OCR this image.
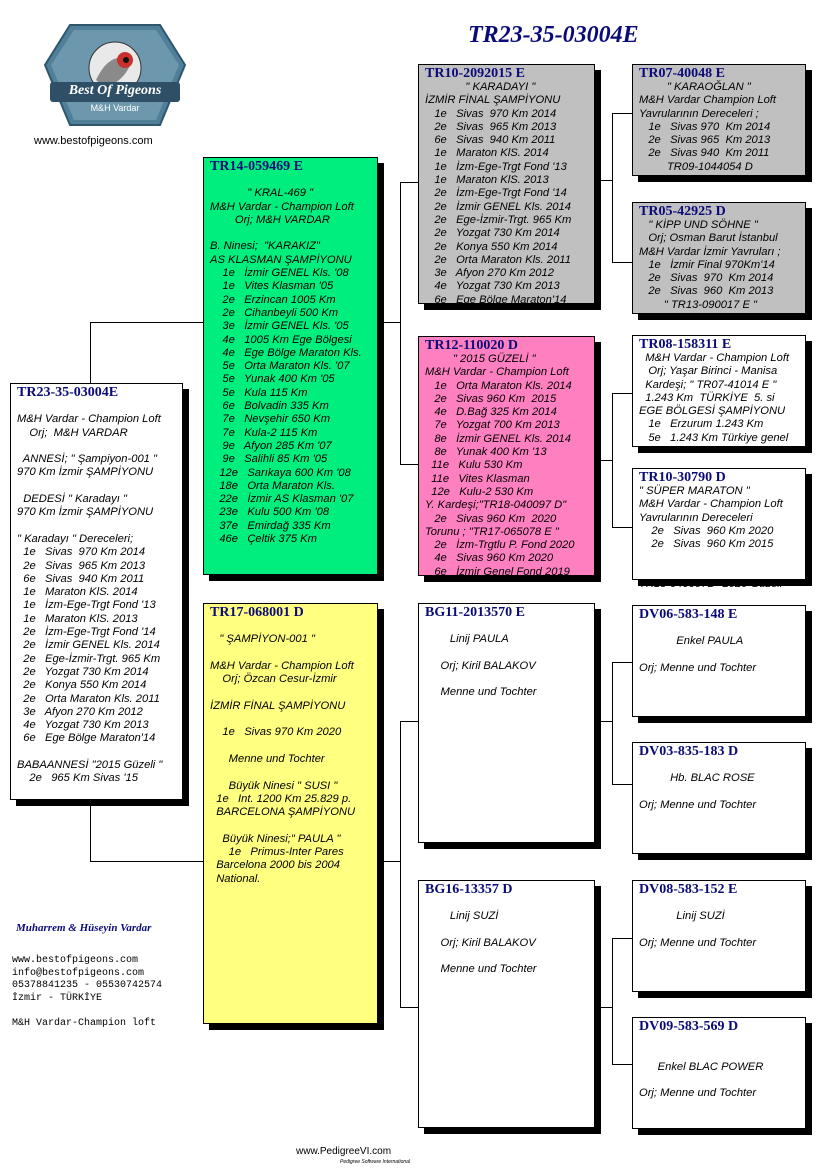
TR23-35-03004E
Best Of Pigeons
M&H Vardar
www.bestofpigeons.com
TR23-35-03004E
M&H Vardar - Champion Loft
Orj;  M&H VARDAR
ANNESİ; " Şampiyon-001 "
970 Km İzmir ŞAMPİYONU
DEDESİ " Karadayı "
970 Km İzmir ŞAMPİYONU
" Karadayı " Dereceleri;
1e   Sivas  970 Km 2014
2e   Sivas  965 Km 2013
6e   Sivas  940 Km 2011
1e   Maraton KlS. 2014
1e   İzm-Ege-Trgt Fond '13
1e   Maraton KlS. 2013
2e   İzm-Ege-Trgt Fond '14
2e   İzmir GENEL Kls. 2014
2e   Ege-İzmir-Trgt. 965 Km
2e   Yozgat 730 Km 2014
2e   Konya 550 Km 2014
2e   Orta Maraton Kls. 2011
3e   Afyon 270 Km 2012
4e   Yozgat 730 Km 2013
6e   Ege Bölge Maraton'14
BABAANNESİ "2015 Güzeli "
2e   965 Km Sivas '15
TR14-059469 E
" KRAL-469 "
M&H Vardar - Champion Loft
Orj; M&H VARDAR
B. Ninesi;  "KARAKIZ"
AS KLASMAN ŞAMPİYONU
1e   İzmir GENEL Kls. '08
1e   Vites Klasman '05
2e   Erzincan 1005 Km
2e   Cihanbeyli 500 Km
3e   İzmir GENEL Kls. '05
4e   1005 Km Ege Bölgesi
4e   Ege Bölge Maraton Kls.
5e   Orta Maraton Kls. '07
5e   Yunak 400 Km '05
5e   Kula 115 Km
6e   Bolvadin 335 Km
7e   Nevşehir 650 Km
7e   Kula-2 115 Km
9e   Afyon 285 Km '07
9e   Salihli 85 Km '05
12e   Sarıkaya 600 Km '08
18e   Orta Maraton Kls.
22e   İzmir AS Klasman '07
23e   Kulu 500 Km '08
37e   Emirdağ 335 Km
46e   Çeltik 375 Km
TR17-068001 D
" ŞAMPİYON-001 "
M&H Vardar - Champion Loft
Orj; Özcan Cesur-İzmir
İZMİR FİNAL ŞAMPİYONU
1e   Sivas 970 Km 2020
Menne und Tochter
Büyük Ninesi " SUSI "
1e   Int. 1200 Km 25.829 p.
BARCELONA ŞAMPİYONU
Büyük Ninesi;" PAULA "
1e   Primus-Inter Pares
Barcelona 2000 bis 2004
National.
TR10-2092015 E
" KARADAYI "
İZMİR FİNAL ŞAMPİYONU
1e   Sivas  970 Km 2014
2e   Sivas  965 Km 2013
6e   Sivas  940 Km 2011
1e   Maraton KlS. 2014
1e   İzm-Ege-Trgt Fond '13
1e   Maraton KlS. 2013
2e   İzm-Ege-Trgt Fond '14
2e   İzmir GENEL Kls. 2014
2e   Ege-İzmir-Trgt. 965 Km
2e   Yozgat 730 Km 2014
2e   Konya 550 Km 2014
2e   Orta Maraton Kls. 2011
3e   Afyon 270 Km 2012
4e   Yozgat 730 Km 2013
6e   Ege Bölge Maraton'14
TR12-110020 D
" 2015 GÜZELİ "
M&H Vardar - Champion Loft
1e   Orta Maraton Kls. 2014
2e   Sivas 960 Km  2015
4e   D.Bağ 325 Km 2014
7e   Yozgat 700 Km 2013
8e   İzmir GENEL Kls. 2014
8e   Yunak 400 Km '13
11e   Kulu 530 Km
11e   Vites Klasman
12e   Kulu-2 530 Km
Y. Kardeşi;"TR18-040097 D"
2e   Sivas 960 Km  2020
Torunu ; "TR17-065078 E "
2e   İzm-Trgtlu P. Fond 2020
4e   Sivas 960 Km 2020
6e   İzmir Genel Fond 2019
BG11-2013570 E
Linij PAULA
Orj; Kiril BALAKOV
Menne und Tochter
BG16-13357 D
Linij SUZİ
Orj; Kiril BALAKOV
Menne und Tochter
TR07-40048 E
" KARAOĞLAN "
M&H Vardar Champion Loft
Yavrularının Dereceleri ;
1e   Sivas 970  Km 2014
2e   Sivas 965  Km 2013
2e   Sivas 940  Km 2011
TR09-1044054 D
TR05-42925 D
" KİPP UND SÖHNE "
Orj; Osman Barut İstanbul
M&H Vardar İzmir Yavruları ;
1e   İzmir Final 970Km'14
2e   Sivas  970  Km 2014
2e   Sivas  960  Km 2013
" TR13-090017 E "
TR08-158311 E
M&H Vardar - Champion Loft
Orj; Yaşar Birinci - Manisa
Kardeşi; " TR07-41014 E "
1.243 Km  TÜRKİYE  5. si
EGE BÖLGESİ ŞAMPİYONU
1e   Erzurum 1.243 Km
5e   1.243 Km Türkiye genel
TR10-30790 D
" SÜPER MARATON "
M&H Vardar - Champion Loft
Yavrularının Dereceleri
2e   Sivas  960 Km 2020
2e   Sivas  960 Km 2015
TR18-040097D "2020 Güzeli"
DV06-583-148 E
Enkel PAULA
Orj; Menne und Tochter
DV03-835-183 D
Hb. BLAC ROSE
Orj; Menne und Tochter
DV08-583-152 E
Linij SUZİ
Orj; Menne und Tochter
DV09-583-569 D
Enkel BLAC POWER
Orj; Menne und Tochter
Muharrem & Hüseyin Vardar
www.bestofpigeons.com
info@bestofpigeons.com
05378841235 - 05530742574
İzmir - TÜRKİYE
M&H Vardar-Champion loft
www.PedigreeVI.com
Pedigree Software International
